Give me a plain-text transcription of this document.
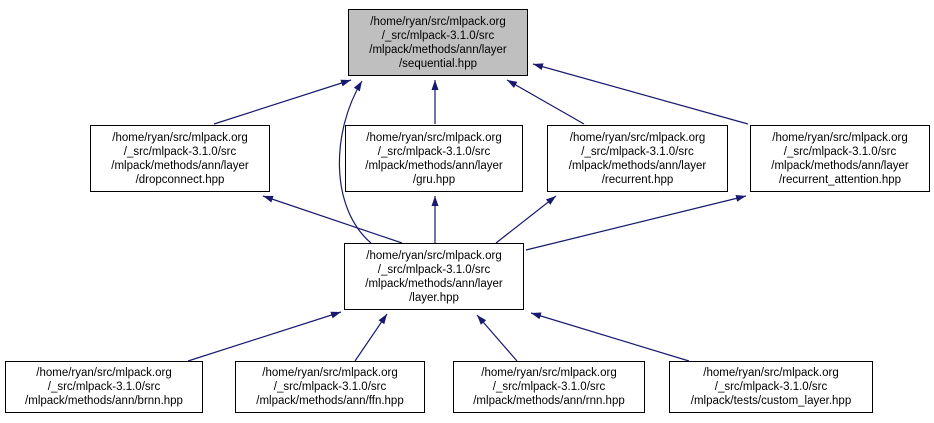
/home/ryan/src/mlpack.org
/_src/mlpack-3.1.0/src
/mlpack/methods/ann/layer
/sequential.hpp
/home/ryan/src/mlpack.org
/_src/mlpack-3.1.0/src
/mlpack/methods/ann/layer
/dropconnect.hpp
/home/ryan/src/mlpack.org
/_src/mlpack-3.1.0/src
/mlpack/methods/ann/layer
/gru.hpp
/home/ryan/src/mlpack.org
/_src/mlpack-3.1.0/src
/mlpack/methods/ann/layer
/recurrent.hpp
/home/ryan/src/mlpack.org
/_src/mlpack-3.1.0/src
/mlpack/methods/ann/layer
/recurrent_attention.hpp
/home/ryan/src/mlpack.org
/_src/mlpack-3.1.0/src
/mlpack/methods/ann/layer
/layer.hpp
/home/ryan/src/mlpack.org
/_src/mlpack-3.1.0/src
/mlpack/methods/ann/brnn.hpp
/home/ryan/src/mlpack.org
/_src/mlpack-3.1.0/src
/mlpack/methods/ann/ffn.hpp
/home/ryan/src/mlpack.org
/_src/mlpack-3.1.0/src
/mlpack/methods/ann/rnn.hpp
/home/ryan/src/mlpack.org
/_src/mlpack-3.1.0/src
/mlpack/tests/custom_layer.hpp
